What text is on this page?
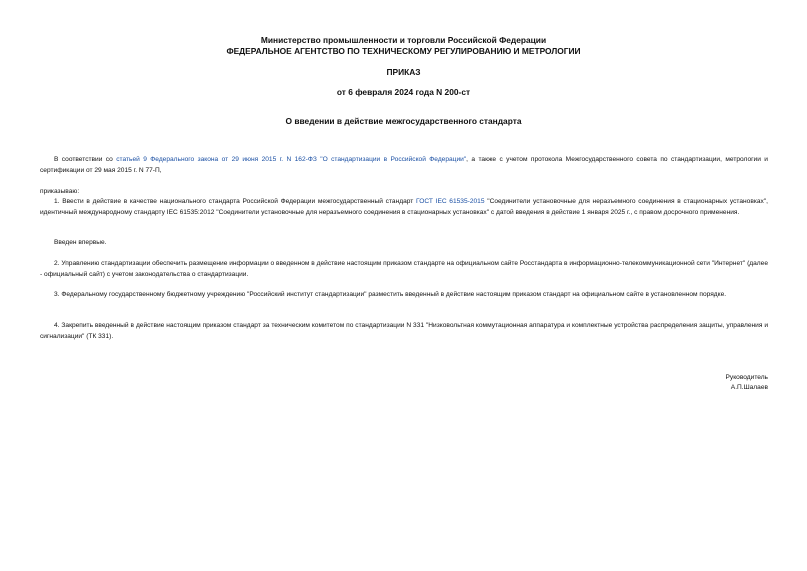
Министерство промышленности и торговли Российской Федерации
ФЕДЕРАЛЬНОЕ АГЕНТСТВО ПО ТЕХНИЧЕСКОМУ РЕГУЛИРОВАНИЮ И МЕТРОЛОГИИ
ПРИКАЗ
от 6 февраля 2024 года N 200-ст
О введении в действие межгосударственного стандарта
В соответствии со статьей 9 Федерального закона от 29 июня 2015 г. N 162-ФЗ "О стандартизации в Российской Федерации", а также с учетом протокола Межгосударственного совета по стандартизации, метрологии и сертификации от 29 мая 2015 г. N 77-П,
приказываю:
1. Ввести в действие в качестве национального стандарта Российской Федерации межгосударственный стандарт ГОСТ IEC 61535-2015 "Соединители установочные для неразъемного соединения в стационарных установках", идентичный международному стандарту IEC 61535:2012 "Соединители установочные для неразъемного соединения в стационарных установках" с датой введения в действие 1 января 2025 г., с правом досрочного применения.
Введен впервые.
2. Управлению стандартизации обеспечить размещение информации о введенном в действие настоящим приказом стандарте на официальном сайте Росстандарта в информационно-телекоммуникационной сети "Интернет" (далее - официальный сайт) с учетом законодательства о стандартизации.
3. Федеральному государственному бюджетному учреждению "Российский институт стандартизации" разместить введенный в действие настоящим приказом стандарт на официальном сайте в установленном порядке.
4. Закрепить введенный в действие настоящим приказом стандарт за техническим комитетом по стандартизации N 331 "Низковольтная коммутационная аппаратура и комплектные устройства распределения защиты, управления и сигнализации" (ТК 331).
Руководитель
А.П.Шалаев
